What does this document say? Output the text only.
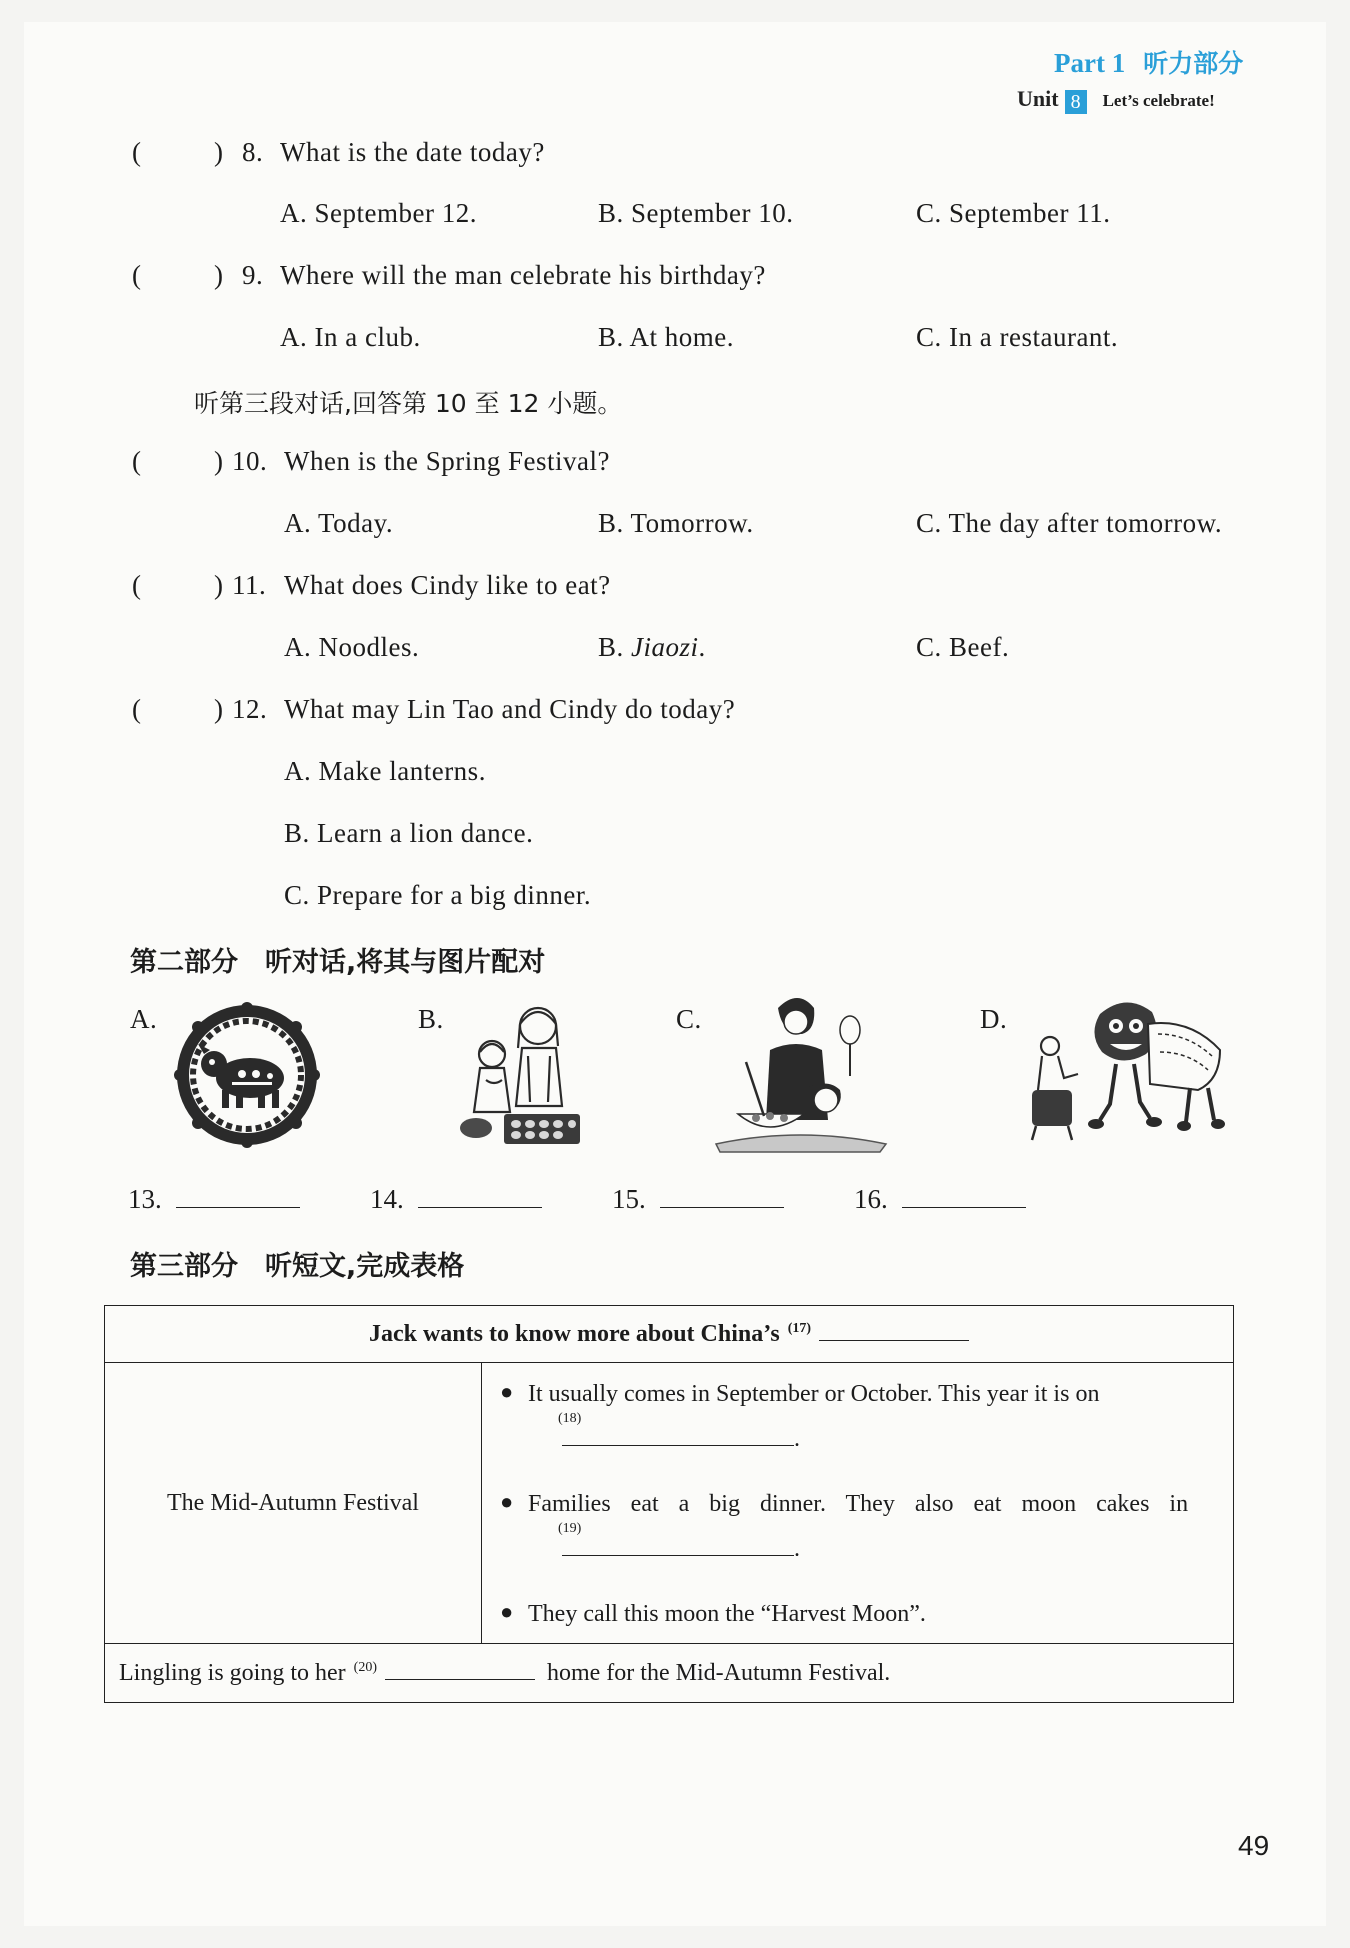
Part 1 听力部分
Unit 8 Let’s celebrate!
(	) 8. What is the date today?
A. September 12.	B. September 10.	C. September 11.
(	) 9. Where will the man celebrate his birthday?
A. In a club.	B. At home.	C. In a restaurant.
听第三段对话,回答第 10 至 12 小题。
(	) 10. When is the Spring Festival?
A. Today.	B. Tomorrow.	C. The day after tomorrow.
(	) 11. What does Cindy like to eat?
A. Noodles.	B. Jiaozi.	C. Beef.
(	) 12. What may Lin Tao and Cindy do today?
A. Make lanterns.
B. Learn a lion dance.
C. Prepare for a big dinner.
第二部分　听对话,将其与图片配对
A.	B.	C.	D.
13.	14.	15.	16.
第三部分　听短文,完成表格
Jack wants to know more about China’s $^{(17)}$
The Mid-Autumn Festival	
● It usually comes in September or October. This year it is on
(18)
.
● Families eat a big dinner. They also eat moon cakes in
(19)
.
● They call this moon the “Harvest Moon”.

Lingling is going to her $^{(20)}$	home for the Mid-Autumn Festival.
49
